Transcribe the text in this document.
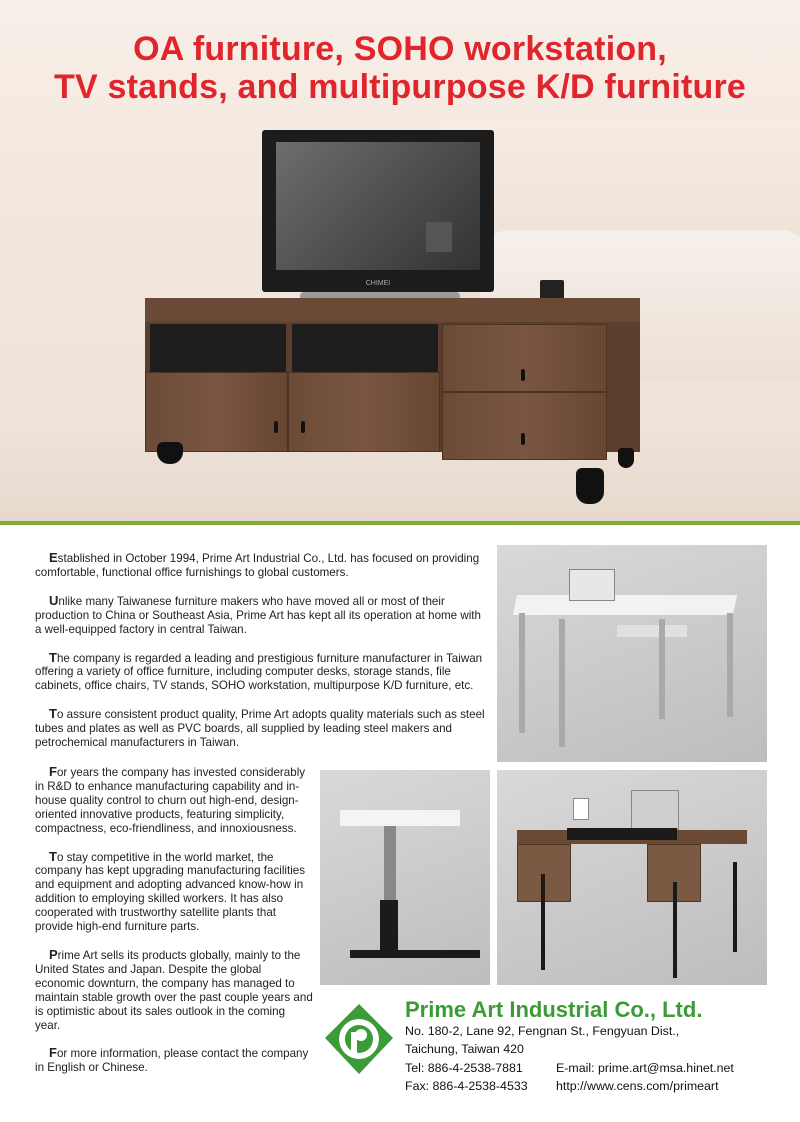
CHIMEI
OA furniture, SOHO workstation,
TV stands, and multipurpose K/D furniture

Established in October 1994, Prime Art Industrial Co., Ltd. has focused on providing comfortable, functional office furnishings to global customers.

Unlike many Taiwanese furniture makers who have moved all or most of their production to China or Southeast Asia, Prime Art has kept all its operation at home with a well-equipped factory in central Taiwan.

The company is regarded a leading and prestigious furniture manufacturer in Taiwan offering a variety of office furniture, including computer desks, storage stands, file cabinets, office chairs, TV stands, SOHO workstation, multipurpose K/D furniture, etc.

To assure consistent product quality, Prime Art adopts quality materials such as steel tubes and plates as well as PVC boards, all supplied by leading steel makers and petrochemical manufacturers in Taiwan.

For years the company has invested considerably in R&D to enhance manufacturing capability and in-house quality control to churn out high-end, design-oriented innovative products, featuring simplicity, compactness, eco-friendliness, and innoxiousness.

To stay competitive in the world market, the company has kept upgrading manufacturing facilities and equipment and adopting advanced know-how in addition to employing skilled workers. It has also cooperated with trustworthy satellite plants that provide high-end furniture parts.

Prime Art sells its products globally, mainly to the United States and Japan. Despite the global economic downturn, the company has managed to maintain stable growth over the past couple years and is optimistic about its sales outlook in the coming year.

For more information, please contact the company in English or Chinese.

Prime Art Industrial Co., Ltd.

No. 180-2, Lane 92, Fengnan St., Fengyuan Dist.,

Taichung, Taiwan 420

Tel: 886-4-2538-7881	E-mail: prime.art@msa.hinet.net

Fax: 886-4-2538-4533 http://www.cens.com/primeart
